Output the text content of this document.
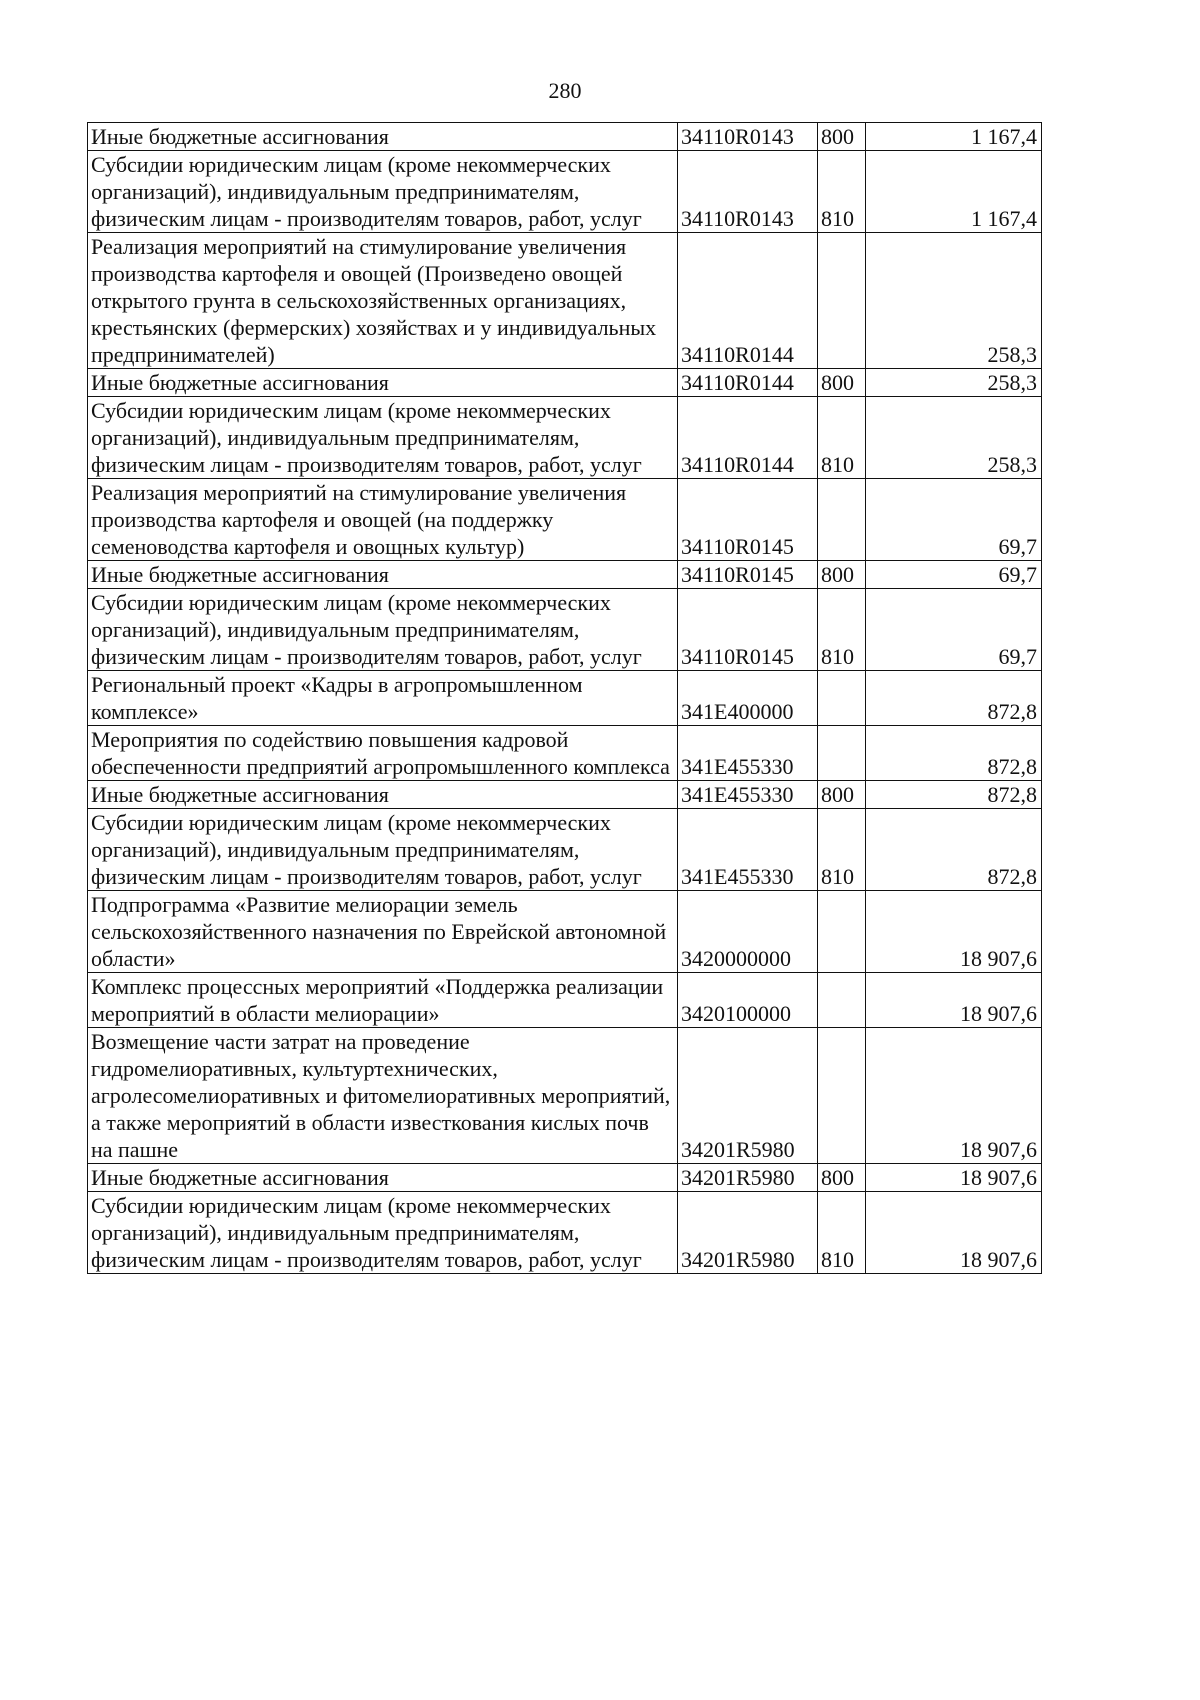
280
Иные бюджетные ассигнования	34110R0143	800	1 167,4
Субсидии юридическим лицам (кроме некоммерческих организаций), индивидуальным предпринимателям, физическим лицам - производителям товаров, работ, услуг	34110R0143	810	1 167,4
Реализация мероприятий на стимулирование увеличения производства картофеля и овощей (Произведено овощей открытого грунта в сельскохозяйственных организациях, крестьянских (фермерских) хозяйствах и у индивидуальных предпринимателей)	34110R0144		258,3
Иные бюджетные ассигнования	34110R0144	800	258,3
Субсидии юридическим лицам (кроме некоммерческих организаций), индивидуальным предпринимателям, физическим лицам - производителям товаров, работ, услуг	34110R0144	810	258,3
Реализация мероприятий на стимулирование увеличения производства картофеля и овощей (на поддержку семеноводства картофеля и овощных культур)	34110R0145		69,7
Иные бюджетные ассигнования	34110R0145	800	69,7
Субсидии юридическим лицам (кроме некоммерческих организаций), индивидуальным предпринимателям, физическим лицам - производителям товаров, работ, услуг	34110R0145	810	69,7
Региональный проект «Кадры в агропромышленном комплексе»	341E400000		872,8
Мероприятия по содействию повышения кадровой обеспеченности предприятий агропромышленного комплекса	341E455330		872,8
Иные бюджетные ассигнования	341E455330	800	872,8
Субсидии юридическим лицам (кроме некоммерческих организаций), индивидуальным предпринимателям, физическим лицам - производителям товаров, работ, услуг	341E455330	810	872,8
Подпрограмма «Развитие мелиорации земель сельскохозяйственного назначения по Еврейской автономной области»	3420000000		18 907,6
Комплекс процессных мероприятий «Поддержка реализации мероприятий в области мелиорации»	3420100000		18 907,6
Возмещение части затрат на проведение гидромелиоративных, культуртехнических, агролесомелиоративных и фитомелиоративных мероприятий, а также мероприятий в области известкования кислых почв на пашне	34201R5980		18 907,6
Иные бюджетные ассигнования	34201R5980	800	18 907,6
Субсидии юридическим лицам (кроме некоммерческих организаций), индивидуальным предпринимателям, физическим лицам - производителям товаров, работ, услуг	34201R5980	810	18 907,6
